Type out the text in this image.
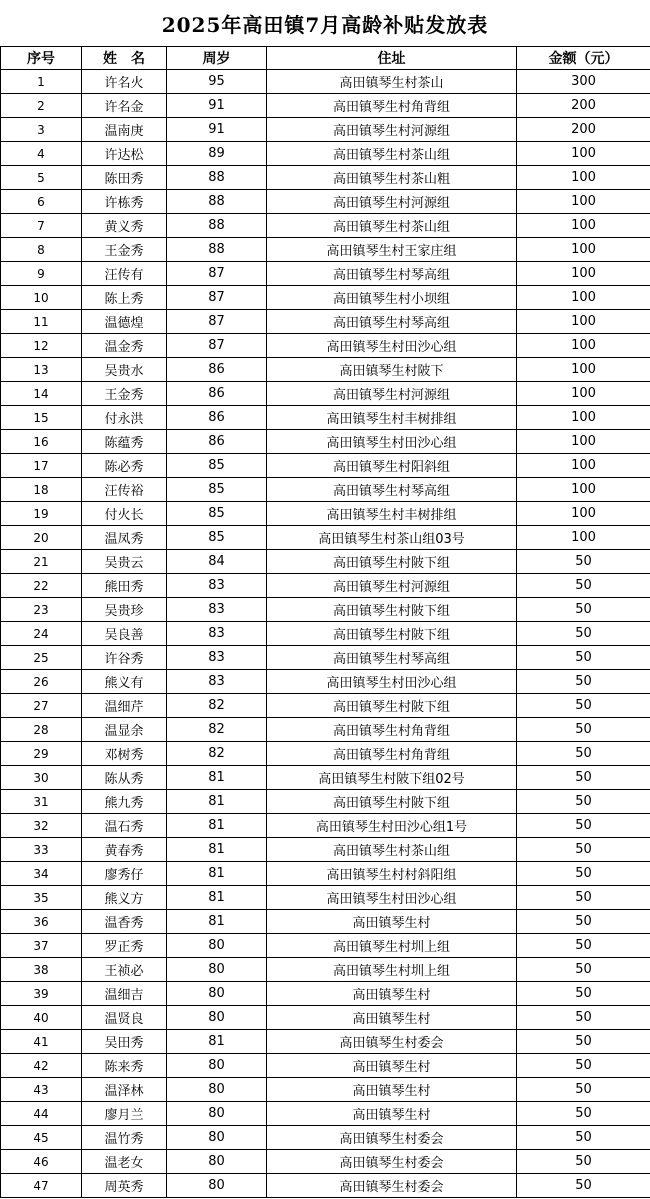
2025年高田镇7月高龄补贴发放表
序号	姓　名	周岁	住址	金额（元）
1	许名火	95	高田镇琴生村茶山	300
2	许名金	91	高田镇琴生村角背组	200
3	温南庚	91	高田镇琴生村河源组	200
4	许达松	89	高田镇琴生村茶山组	100
5	陈田秀	88	高田镇琴生村茶山粗	100
6	许栋秀	88	高田镇琴生村河源组	100
7	黄义秀	88	高田镇琴生村茶山组	100
8	王金秀	88	高田镇琴生村王家庄组	100
9	汪传有	87	高田镇琴生村琴高组	100
10	陈上秀	87	高田镇琴生村小坝组	100
11	温德煌	87	高田镇琴生村琴高组	100
12	温金秀	87	高田镇琴生村田沙心组	100
13	吴贵水	86	高田镇琴生村陂下	100
14	王金秀	86	高田镇琴生村河源组	100
15	付永洪	86	高田镇琴生村丰树排组	100
16	陈蕴秀	86	高田镇琴生村田沙心组	100
17	陈必秀	85	高田镇琴生村阳斜组	100
18	汪传裕	85	高田镇琴生村琴高组	100
19	付火长	85	高田镇琴生村丰树排组	100
20	温凤秀	85	高田镇琴生村茶山组03号	100
21	吴贵云	84	高田镇琴生村陂下组	50
22	熊田秀	83	高田镇琴生村河源组	50
23	吴贵珍	83	高田镇琴生村陂下组	50
24	吴良善	83	高田镇琴生村陂下组	50
25	许谷秀	83	高田镇琴生村琴高组	50
26	熊义有	83	高田镇琴生村田沙心组	50
27	温细芹	82	高田镇琴生村陂下组	50
28	温显余	82	高田镇琴生村角背组	50
29	邓树秀	82	高田镇琴生村角背组	50
30	陈从秀	81	高田镇琴生村陂下组02号	50
31	熊九秀	81	高田镇琴生村陂下组	50
32	温石秀	81	高田镇琴生村田沙心组1号	50
33	黄春秀	81	高田镇琴生村茶山组	50
34	廖秀仔	81	高田镇琴生村村斜阳组	50
35	熊义方	81	高田镇琴生村田沙心组	50
36	温香秀	81	高田镇琴生村	50
37	罗正秀	80	高田镇琴生村圳上组	50
38	王祯必	80	高田镇琴生村圳上组	50
39	温细吉	80	高田镇琴生村	50
40	温贤良	80	高田镇琴生村	50
41	吴田秀	81	高田镇琴生村委会	50
42	陈来秀	80	高田镇琴生村	50
43	温泽林	80	高田镇琴生村	50
44	廖月兰	80	高田镇琴生村	50
45	温竹秀	80	高田镇琴生村委会	50
46	温老女	80	高田镇琴生村委会	50
47	周英秀	80	高田镇琴生村委会	50
